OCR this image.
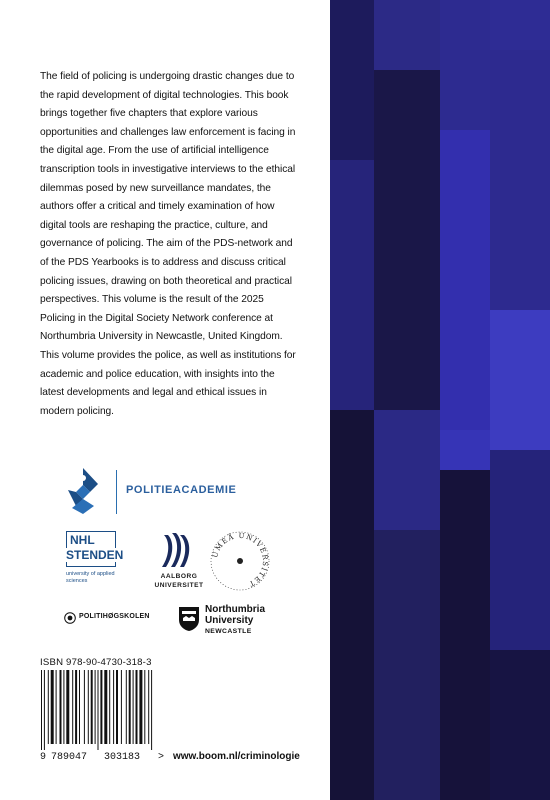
The field of policing is undergoing drastic changes due to the rapid development of digital technologies. This book brings together five chapters that explore various opportunities and challenges law enforcement is facing in the digital age. From the use of artificial intelligence transcription tools in investigative interviews to the ethical dilemmas posed by new surveillance mandates, the authors offer a critical and timely examination of how digital tools are reshaping the practice, culture, and governance of policing. The aim of the PDS-network and of the PDS Yearbooks is to address and discuss critical policing issues, drawing on both theoretical and practical perspectives. This volume is the result of the 2025 Policing in the Digital Society Network conference at Northumbria University in Newcastle, United Kingdom. This volume provides the police, as well as institutions for academic and police education, with insights into the latest developments and legal and ethical issues in modern policing.

POLITIEACADEMIE
NHL
STENDEN
university of applied sciences
AALBORG
UNIVERSITET
UMEÅ UNIVERSITET
POLITIHØGSKOLEN
Northumbria
University
NEWCASTLE
ISBN 978-90-4730-318-3
9 789047 303183 > www.boom.nl/criminologie
